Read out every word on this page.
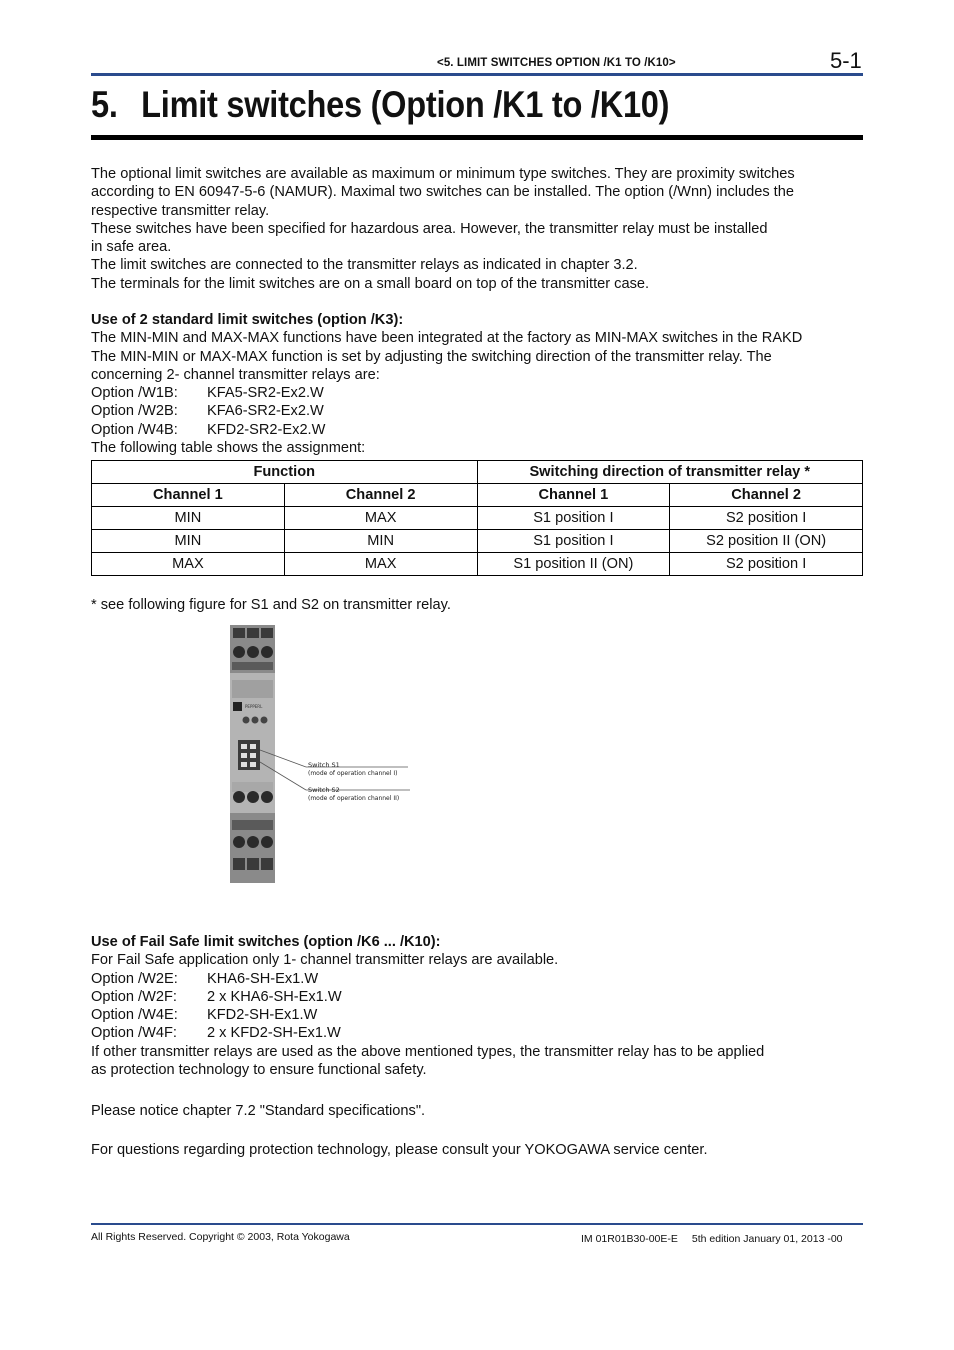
<5. LIMIT SWITCHES OPTION /K1 TO /K10>	5-1
5. Limit switches (Option /K1 to /K10)
The optional limit switches are available as maximum or minimum type switches. They are proximity switches
according to EN 60947-5-6 (NAMUR). Maximal two switches can be installed. The option (/Wnn) includes the
respective transmitter relay.
These switches have been specified for hazardous area. However, the transmitter relay must be installed
in safe area.
The limit switches are connected to the transmitter relays as indicated in chapter 3.2.
The terminals for the limit switches are on a small board on top of the transmitter case.
Use of 2 standard limit switches (option /K3):
The MIN-MIN and MAX-MAX functions have been integrated at the factory as MIN-MAX switches in the RAKD
The MIN-MIN or MAX-MAX function is set by adjusting the switching direction of the transmitter relay. The
concerning 2- channel transmitter relays are:
Option /W1B: KFA5-SR2-Ex2.W
Option /W2B: KFA6-SR2-Ex2.W
Option /W4B: KFD2-SR2-Ex2.W
The following table shows the assignment:
Function		Switching direction of transmitter relay *	
Channel 1	Channel 2	Channel 1	Channel 2
MIN	MAX	S1 position I	S2 position I
MIN	MIN	S1 position I	S2 position II (ON)
MAX	MAX	S1 position II (ON)	S2 position I
* see following figure for S1 and S2 on transmitter relay.
PEPPERL
Switch S1
(mode of operation channel I)
Switch S2
(mode of operation channel II)
Use of Fail Safe limit switches (option /K6 ... /K10):
For Fail Safe application only 1- channel transmitter relays are available.
Option /W2E: KHA6-SH-Ex1.W
Option /W2F: 2 x KHA6-SH-Ex1.W
Option /W4E: KFD2-SH-Ex1.W
Option /W4F: 2 x KFD2-SH-Ex1.W
If other transmitter relays are used as the above mentioned types, the transmitter relay has to be applied
as protection technology to ensure functional safety.
Please notice chapter 7.2 "Standard specifications".
For questions regarding protection technology, please consult your YOKOGAWA service center.
All Rights Reserved. Copyright © 2003, Rota Yokogawa	IM 01R01B30-00E-E 5th edition January 01, 2013 -00
